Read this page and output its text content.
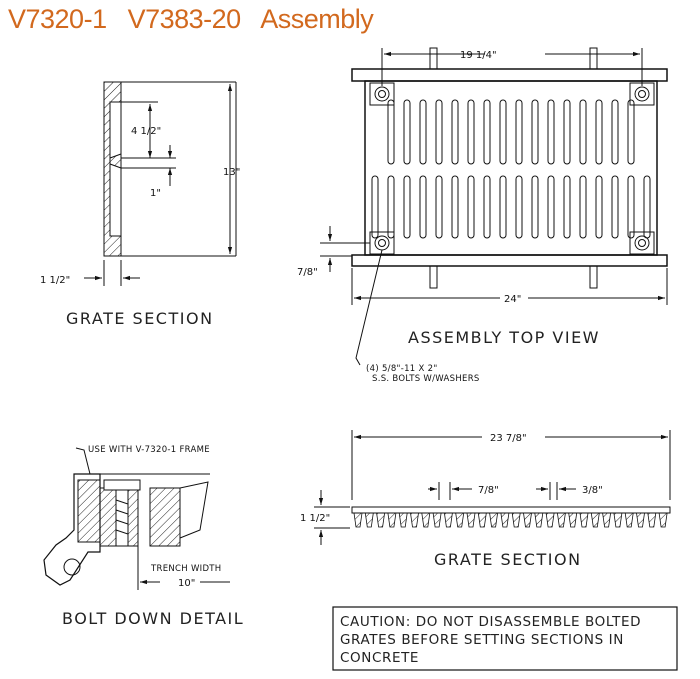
V7320-1   V7383-20   Assembly
4 1/2"
1"
13"
1 1/2"
GRATE SECTION
19 1/4"
24"
7/8"
(4) 5/8"-11 X 2"
S.S. BOLTS W/WASHERS
ASSEMBLY TOP VIEW
USE WITH V-7320-1 FRAME
TRENCH WIDTH
10"
BOLT DOWN DETAIL
23 7/8"
7/8"	3/8"
1 1/2"
GRATE SECTION
CAUTION: DO NOT DISASSEMBLE BOLTED
GRATES BEFORE SETTING SECTIONS IN
CONCRETE
